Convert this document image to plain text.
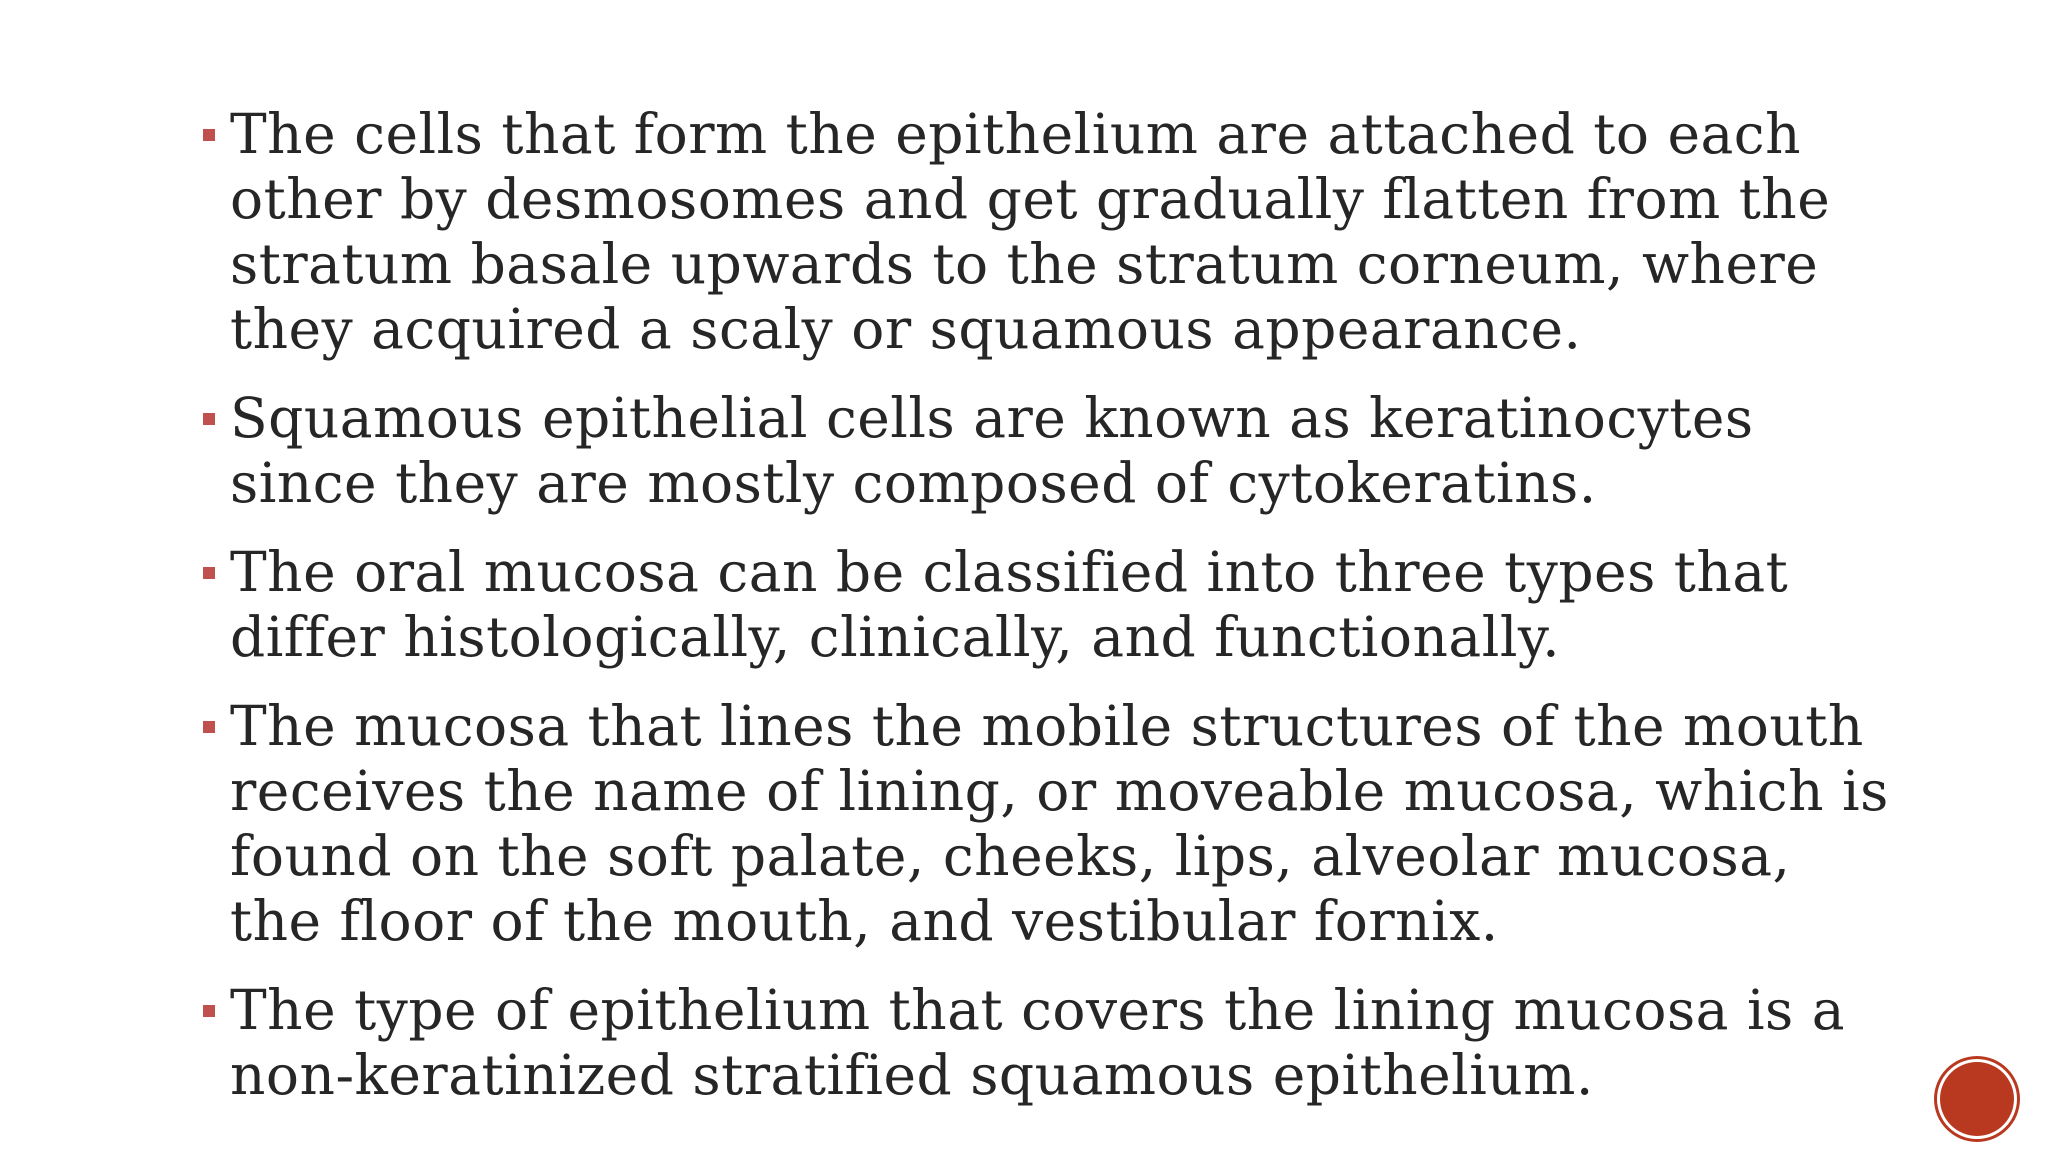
The cells that form the epithelium are attached to each other by desmosomes and get gradually flatten from the stratum basale upwards to the stratum corneum, where they acquired a scaly or squamous appearance.
Squamous epithelial cells are known as keratinocytes since they are mostly composed of cytokeratins.
The oral mucosa can be classified into three types that differ histologically, clinically, and functionally.
The mucosa that lines the mobile structures of the mouth receives the name of lining, or moveable mucosa, which is found on the soft palate, cheeks, lips, alveolar mucosa, the floor of the mouth, and vestibular fornix.
The type of epithelium that covers the lining mucosa is a non-keratinized stratified squamous epithelium.
